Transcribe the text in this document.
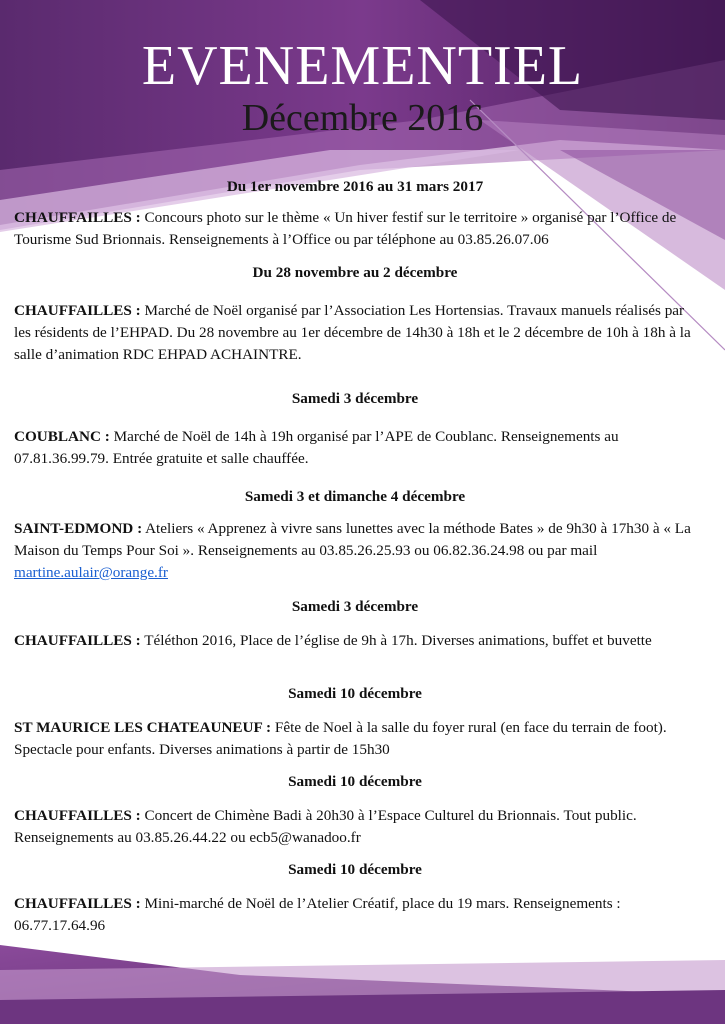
EVENEMENTIEL
Décembre 2016
Du 1er novembre 2016 au 31 mars 2017

CHAUFFAILLES : Concours photo sur le thème « Un hiver festif sur le territoire » organisé par l’Office de Tourisme Sud Brionnais. Renseignements à l’Office ou par téléphone au 03.85.26.07.06

Du 28 novembre au 2 décembre

CHAUFFAILLES : Marché de Noël organisé par l’Association Les Hortensias. Travaux manuels réalisés par les résidents de l’EHPAD. Du 28 novembre au 1er décembre de 14h30 à 18h et le 2 décembre de 10h à 18h à la salle d’animation RDC EHPAD ACHAINTRE.

Samedi 3 décembre

COUBLANC : Marché de Noël de 14h à 19h organisé par l’APE de Coublanc. Renseignements au 07.81.36.99.79. Entrée gratuite et salle chauffée.

Samedi 3 et dimanche 4 décembre

SAINT-EDMOND : Ateliers « Apprenez à vivre sans lunettes avec la méthode Bates » de 9h30 à 17h30 à « La Maison du Temps Pour Soi ». Renseignements au 03.85.26.25.93 ou 06.82.36.24.98 ou par mail martine.aulair@orange.fr

Samedi 3 décembre

CHAUFFAILLES : Téléthon 2016, Place de l’église de 9h à 17h. Diverses animations, buffet et buvette

Samedi 10 décembre

ST MAURICE LES CHATEAUNEUF : Fête de Noel à la salle du foyer rural (en face du terrain de foot). Spectacle pour enfants. Diverses animations à partir de 15h30

Samedi 10 décembre

CHAUFFAILLES : Concert de Chimène Badi à 20h30 à l’Espace Culturel du Brionnais. Tout public. Renseignements au 03.85.26.44.22 ou ecb5@wanadoo.fr

Samedi 10 décembre

CHAUFFAILLES : Mini-marché de Noël de l’Atelier Créatif, place du 19 mars. Renseignements : 06.77.17.64.96
